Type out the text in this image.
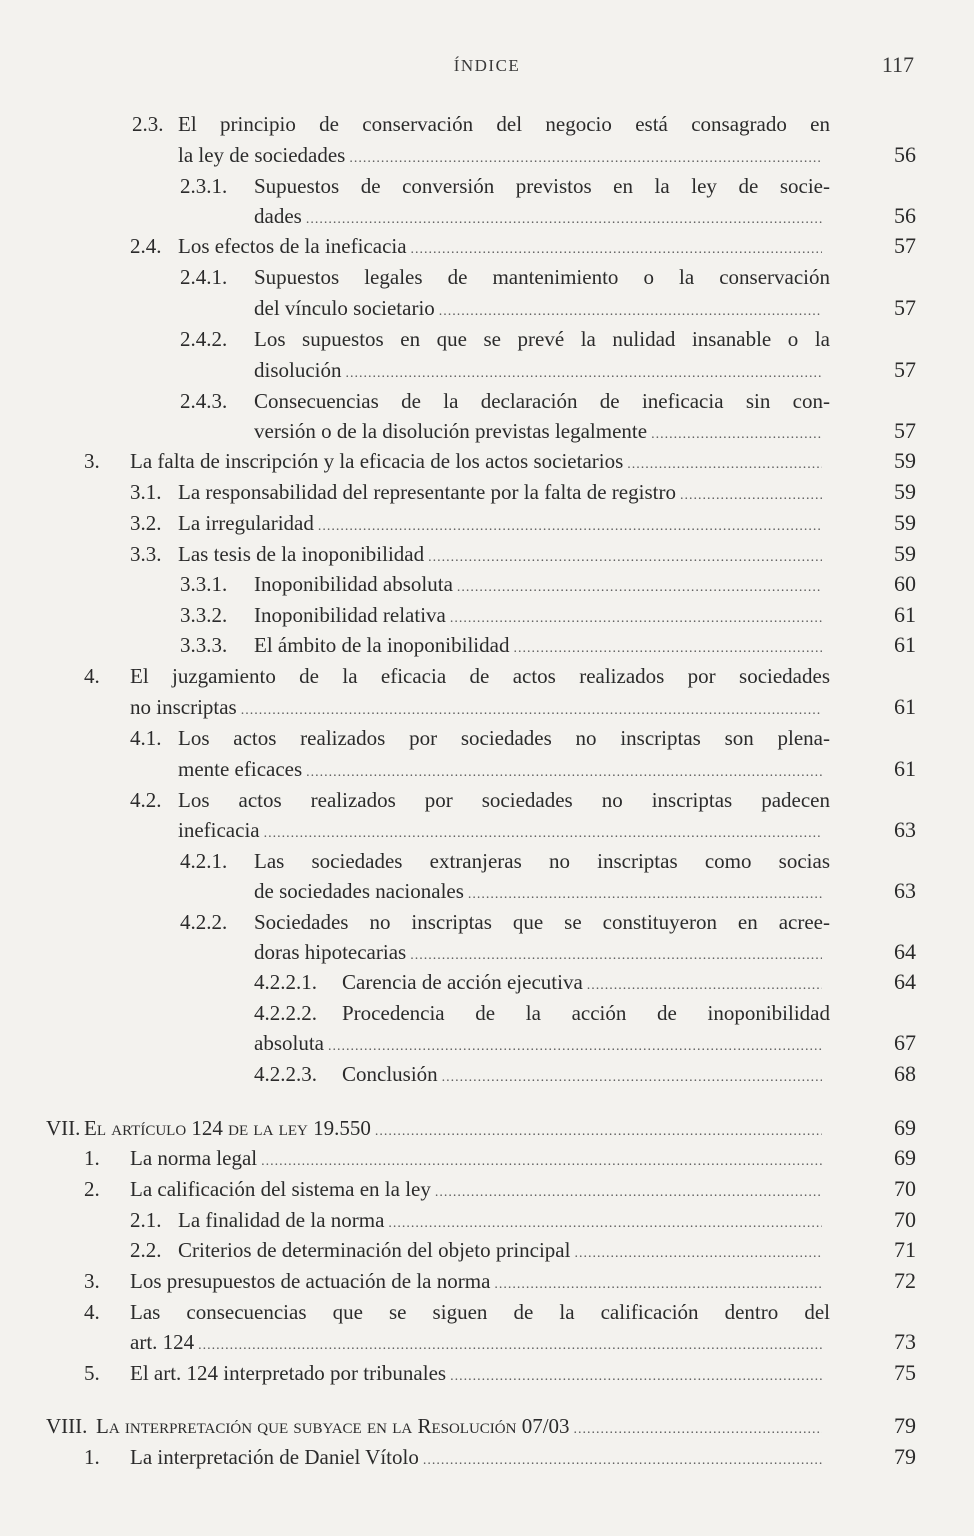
ÍNDICE	117
2.3. El principio de conservación del negocio está consagrado en
la ley de sociedades .....	56
2.3.1.	Supuestos de conversión previstos en la ley de socie-
dades .....	56
2.4. Los efectos de la ineficacia .....	57
2.4.1.	Supuestos legales de mantenimiento o la conservación
del vínculo societario .....	57
2.4.2.	Los supuestos en que se prevé la nulidad insanable o la
disolución .....	57
2.4.3.	Consecuencias de la declaración de ineficacia sin con-
versión o de la disolución previstas legalmente .....	57
3.	La falta de inscripción y la eficacia de los actos societarios .....	59
3.1. La responsabilidad del representante por la falta de registro .....	59
3.2. La irregularidad .....	59
3.3. Las tesis de la inoponibilidad .....	59
3.3.1.	Inoponibilidad absoluta .....	60
3.3.2.	Inoponibilidad relativa .....	61
3.3.3.	El ámbito de la inoponibilidad .....	61
4.	El juzgamiento de la eficacia de actos realizados por sociedades
no inscriptas .....	61
4.1. Los actos realizados por sociedades no inscriptas son plena-
mente eficaces .....	61
4.2. Los actos realizados por sociedades no inscriptas padecen
ineficacia .....	63
4.2.1.	Las sociedades extranjeras no inscriptas como socias
de sociedades nacionales .....	63
4.2.2.	Sociedades no inscriptas que se constituyeron en acree-
doras hipotecarias .....	64
4.2.2.1.	Carencia de acción ejecutiva .....	64
4.2.2.2.	Procedencia de la acción de inoponibilidad
absoluta .....	67
4.2.2.3.	Conclusión .....	68
VII. El artículo 124 de la ley 19.550 .....	69
1.	La norma legal .....	69
2.	La calificación del sistema en la ley .....	70
2.1. La finalidad de la norma .....	70
2.2. Criterios de determinación del objeto principal .....	71
3.	Los presupuestos de actuación de la norma .....	72
4.	Las consecuencias que se siguen de la calificación dentro del
art. 124 .....	73
5.	El art. 124 interpretado por tribunales .....	75
VIII. La interpretación que subyace en la Resolución 07/03 .....	79
1.	La interpretación de Daniel Vítolo .....	79
